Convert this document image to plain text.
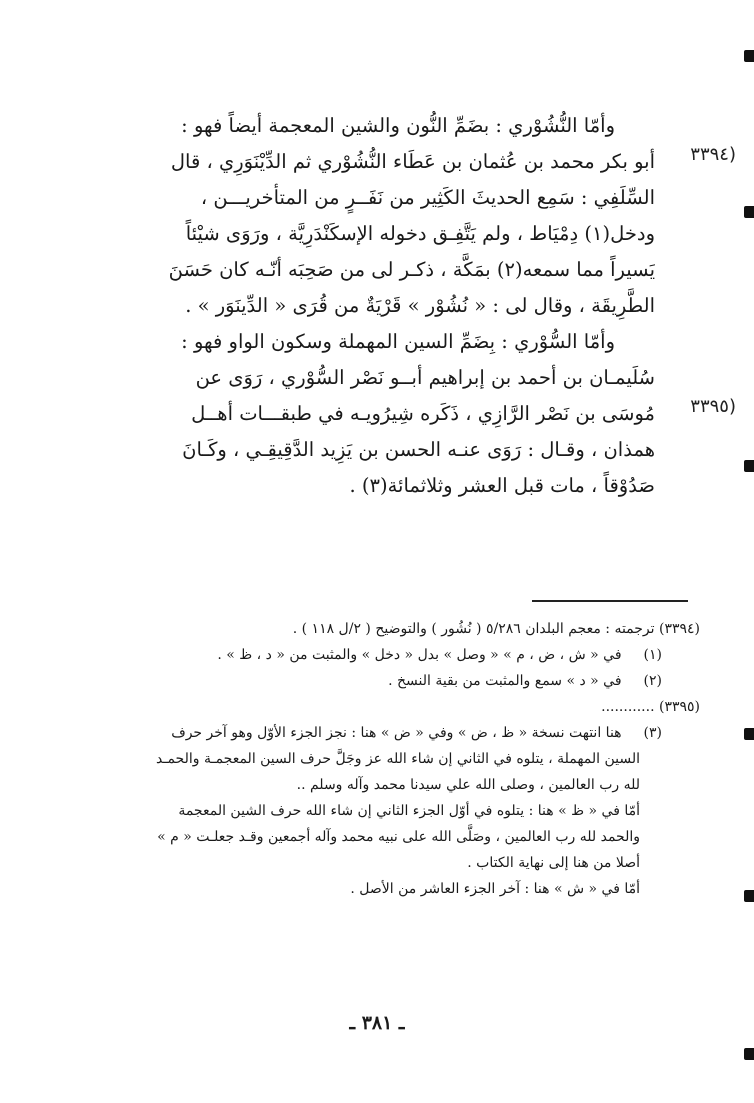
(٣٣٩٤
(٣٣٩٥
وأمّا النُّشُوْري : بضَمِّ النُّون والشين المعجمة أيضاً فهو :
أبو بكر محمد بن عُثمان بن عَطَاء النُّشُوْري ثم الدِّيْنَوَرِي ، قال
السِّلَفِي : سَمِع الحديثَ الكَثِير من نَفَــرٍ من المتأخريـــن ،
ودخل(١) دِمْيَاط ، ولم يَتَّفِـق دخوله الإسكَنْدَرِيَّة ، ورَوَى شيْئاً
يَسيراً مما سمعه(٢) بمَكَّة ، ذكـر لى من صَحِبَه أنّـه كان حَسَنَ
الطَّرِيقَة ، وقال لى : « نُشُوْر » قَرْيَةٌ من قُرَى « الدِّينَوَر » .
وأمّا السُّوْري : بِضَمِّ السين المهملة وسكون الواو فهو :
سُلَيمـان بن أحمد بن إبراهيم أبــو نَصْر السُّوْري ، رَوَى عن
مُوسَى بن نَصْر الرَّازِي ، ذَكَره شِيرُويـه في طبقـــات أهــل
همذان ، وقـال : رَوَى عنـه الحسن بن يَزِيد الدَّقِيقِـي ، وكَـانَ
صَدُوْقاً ، مات قبل العشر وثلاثمائة(٣) .
(٣٣٩٤) ترجمته : معجم البلدان ٥/٢٨٦ ( نُشُور ) والتوضيح ( ٢/ل ١١٨ ) .
(١) في « ش ، ض ، م » « وصل » بدل « دخل » والمثبت من « د ، ظ » .
(٢) في « د » سمع والمثبت من بقية النسخ .
(٣٣٩٥) ............
(٣) هنا انتهت نسخة « ظ ، ض » وفي « ض » هنا : نجز الجزء الأوّل وهو آخر حرف
السين المهملة ، يتلوه في الثاني إن شاء الله عز وجَلَّ حرف السين المعجمـة والحمـد
لله رب العالمين ، وصلى الله علي سيدنا محمد وآله وسلم ..
أمّا في « ظ » هنا : يتلوه في أوّل الجزء الثاني إن شاء الله حرف الشين المعجمة
والحمد لله رب العالمين ، وصَلَّى الله على نبيه محمد وآله أجمعين وقـد جعلـت « م »
أصلا من هنا إلى نهاية الكتاب .
أمّا في « ش » هنا : آخر الجزء العاشر من الأصل .
ـ ٣٨١ ـ
